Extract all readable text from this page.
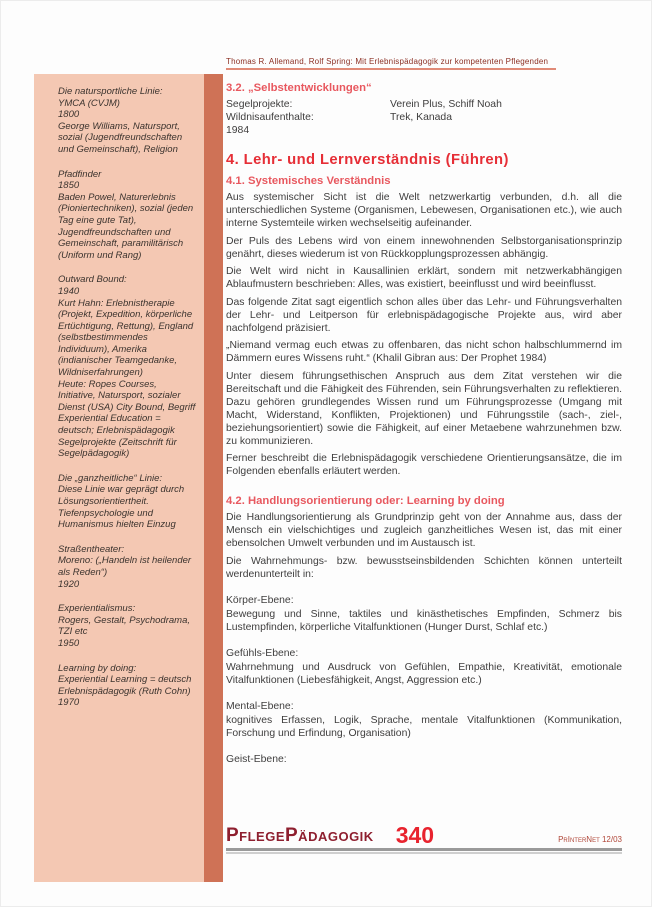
Thomas R. Allemand, Rolf Spring: Mit Erlebnispädagogik zur kompetenten Pflegenden
Die natursportliche Linie:
YMCA (CVJM)
1800
George Williams, Natursport, sozial (Jugendfreundschaften und Gemeinschaft), Religion
Pfadfinder
1850
Baden Powel, Naturerlebnis (Pioniertechniken), sozial (jeden Tag eine gute Tat), Jugendfreundschaften und Gemeinschaft, paramilitärisch (Uniform und Rang)
Outward Bound:
1940
Kurt Hahn: Erlebnistherapie (Projekt, Expedition, körperliche Ertüchtigung, Rettung), England (selbstbestimmendes Individuum), Amerika (indianischer Teamgedanke, Wildniserfahrungen)
Heute: Ropes Courses, Initiative, Natursport, sozialer Dienst (USA) City Bound, Begriff Experiential Education = deutsch; Erlebnispädagogik Segelprojekte (Zeitschrift für Segelpädagogik)
Die „ganzheitliche“ Linie:
Diese Linie war geprägt durch Lösungsorientiertheit. Tiefenpsychologie und Humanismus hielten Einzug
Straßentheater:
Moreno: („Handeln ist heilender als Reden“)
1920
Experientialismus:
Rogers, Gestalt, Psychodrama, TZI etc
1950
Learning by doing:
Experiential Learning = deutsch Erlebnispädagogik (Ruth Cohn)
1970
3.2. „Selbstentwicklungen“
Segelprojekte:	Verein Plus, Schiff Noah
Wildnisaufenthalte:	Trek, Kanada
1984
4. Lehr- und Lernverständnis (Führen)
4.1. Systemisches Verständnis

Aus systemischer Sicht ist die Welt netzwerkartig verbunden, d.h. all die unterschiedlichen Systeme (Organismen, Lebewesen, Organisationen etc.), wie auch interne Systemteile wirken wechselseitig aufeinander.

Der Puls des Lebens wird von einem innewohnenden Selbstorganisationsprinzip genährt, dieses wiederum ist von Rückkopplungsprozessen abhängig.

Die Welt wird nicht in Kausallinien erklärt, sondern mit netzwerkabhängigen Ablaufmustern beschrieben: Alles, was existiert, beeinflusst und wird beeinflusst.

Das folgende Zitat sagt eigentlich schon alles über das Lehr- und Führungsverhalten der Lehr- und Leitperson für erlebnispädagogische Projekte aus, wird aber nachfolgend präzisiert.

„Niemand vermag euch etwas zu offenbaren, das nicht schon halbschlummernd im Dämmern eures Wissens ruht.“ (Khalil Gibran aus: Der Prophet 1984)

Unter diesem führungsethischen Anspruch aus dem Zitat verstehen wir die Bereitschaft und die Fähigkeit des Führenden, sein Führungsverhalten zu reflektieren. Dazu gehören grundlegendes Wissen rund um Führungsprozesse (Umgang mit Macht, Widerstand, Konflikten, Projektionen) und Führungsstile (sach-, ziel-, beziehungsorientiert) sowie die Fähigkeit, auf einer Metaebene wahrzunehmen bzw. zu kommunizieren.

Ferner beschreibt die Erlebnispädagogik verschiedene Orientierungsansätze, die im Folgenden ebenfalls erläutert werden.

4.2. Handlungsorientierung oder: Learning by doing

Die Handlungsorientierung als Grundprinzip geht von der Annahme aus, dass der Mensch ein vielschichtiges und zugleich ganzheitliches Wesen ist, das mit einer ebensolchen Umwelt verbunden und im Austausch ist.

Die Wahrnehmungs- bzw. bewusstseinsbildenden Schichten können unterteilt werdenunterteilt in:

Körper-Ebene:

Bewegung und Sinne, taktiles und kinästhetisches Empfinden, Schmerz bis Lustempfinden, körperliche Vitalfunktionen (Hunger Durst, Schlaf etc.)

Gefühls-Ebene:

Wahrnehmung und Ausdruck von Gefühlen, Empathie, Kreativität, emotionale Vitalfunktionen (Liebesfähigkeit, Angst, Aggression etc.)

Mental-Ebene:

kognitives Erfassen, Logik, Sprache, mentale Vitalfunktionen (Kommunikation, Forschung und Erfindung, Organisation)

Geist-Ebene:
PflegePädagogik 340	PrInterNet 12/03
